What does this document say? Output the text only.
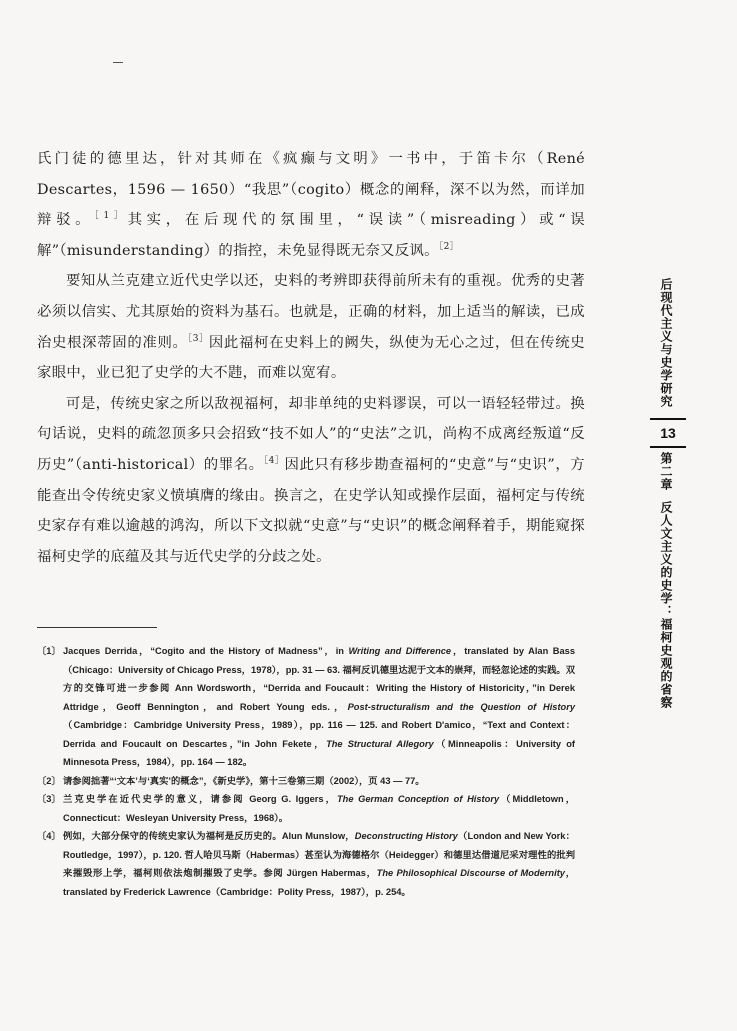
氏门徒的德里达，针对其师在《疯癫与文明》一书中，于笛卡尔（René Descartes，1596 — 1650）“我思”（cogito）概念的阐释，深不以为然，而详加辩驳。$^{[1]}$其实，在后现代的氛围里，“误读”（misreading）或“误解”（misunderstanding）的指控，未免显得既无奈又反讽。$^{[2]}$

要知从兰克建立近代史学以还，史料的考辨即获得前所未有的重视。优秀的史著必须以信实、尤其原始的资料为基石。也就是，正确的材料，加上适当的解读，已成治史根深蒂固的准则。$^{[3]}$因此福柯在史料上的阙失，纵使为无心之过，但在传统史家眼中，业已犯了史学的大不韪，而难以宽宥。

可是，传统史家之所以敌视福柯，却非单纯的史料谬误，可以一语轻轻带过。换句话说，史料的疏忽顶多只会招致“技不如人”的“史法”之讥，尚构不成离经叛道“反历史”（anti-historical）的罪名。$^{[4]}$因此只有移步勘查福柯的“史意”与“史识”，方能查出令传统史家义愤填膺的缘由。换言之，在史学认知或操作层面，福柯定与传统史家存有难以逾越的鸿沟，所以下文拟就“史意”与“史识”的概念阐释着手，期能窥探福柯史学的底蕴及其与近代史学的分歧之处。

〔1〕 Jacques Derrida，“Cogito and the History of Madness”，in Writing and Difference，translated by Alan Bass（Chicago：University of Chicago Press，1978），pp. 31 — 63. 福柯反讥德里达泥于文本的崇拜，而轻忽论述的实践。双方的交锋可进一步参阅 Ann Wordsworth，“Derrida and Foucault：Writing the History of Historicity，”in Derek Attridge，Geoff Bennington，and Robert Young eds.，Post-structuralism and the Question of History（Cambridge：Cambridge University Press，1989），pp. 116 — 125. and Robert D'amico，“Text and Context：Derrida and Foucault on Descartes，”in John Fekete，The Structural Allegory（Minneapolis：University of Minnesota Press，1984），pp. 164 — 182。
〔2〕 请参阅拙著“‘文本’与‘真实’的概念”，《新史学》，第十三卷第三期（2002），页 43 — 77。
〔3〕 兰克史学在近代史学的意义，请参阅 Georg G. Iggers，The German Conception of History（Middletown，Connecticut：Wesleyan University Press，1968）。
〔4〕 例如，大部分保守的传统史家认为福柯是反历史的。Alun Munslow，Deconstructing History（London and New York：Routledge，1997），p. 120. 哲人哈贝马斯（Habermas）甚至认为海德格尔（Heidegger）和德里达借道尼采对理性的批判来摧毁形上学，福柯则依法炮制摧毁了史学。参阅 Jürgen Habermas，The Philosophical Discourse of Modernity，translated by Frederick Lawrence（Cambridge：Polity Press，1987），p. 254。
后现代主义与史学研究
13
第二章
反人文主义的史学：福柯史观的省察
